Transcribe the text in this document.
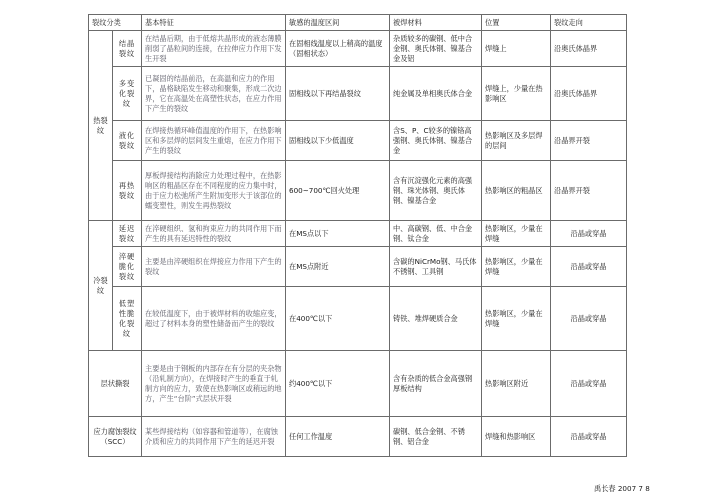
裂纹分类		基本特征	敏感的温度区间	被焊材料	位置	裂纹走向
热裂纹	结晶裂纹	在结晶后期，由于低熔共晶形成的液态薄膜削弱了晶粒间的连接，在拉伸应力作用下发生开裂	在固相线温度以上稍高的温度（固相状态）	杂质较多的碳钢、低中合金钢、奥氏体钢、镍基合金及铝	焊缝上	沿奥氏体晶界
	多变化裂纹	已凝固的结晶前沿，在高温和应力的作用下，晶格缺陷发生移动和聚集，形成二次边界，它在高温处在高塑性状态，在应力作用下产生的裂纹	固相线以下再结晶裂纹	纯金属及单相奥氏体合金	焊缝上，少量在热影响区	沿奥氏体晶界
	液化裂纹	在焊接热循环峰值温度的作用下，在热影响区和多层焊的层间发生重熔，在应力作用下产生的裂纹	固相线以下少低温度	含S、P、C较多的镍铬高强钢、奥氏体钢、镍基合金	热影响区及多层焊的层间	沿晶界开裂
	再热裂纹	厚板焊接结构消除应力处理过程中，在热影响区的粗晶区存在不同程度的应力集中时，由于应力松弛所产生附加变形大于该部位的蠕变塑性，则发生再热裂纹	600~700℃回火处理	含有沉淀强化元素的高强钢、珠光体钢、奥氏体钢、镍基合金	热影响区的粗晶区	沿晶界开裂
冷裂纹	延迟裂纹	在淬硬组织、氢和拘束应力的共同作用下而产生的具有延迟特性的裂纹	在MS点以下	中、高碳钢、低、中合金钢、钛合金	热影响区，少量在焊缝	沿晶或穿晶
	淬硬脆化裂纹	主要是由淬硬组织在焊接应力作用下产生的裂纹	在MS点附近	含碳的NiCrMo钢、马氏体不锈钢、工具钢	热影响区，少量在焊缝	沿晶或穿晶
	低塑性脆化裂纹	在较低温度下，由于被焊材料的收缩应变，超过了材料本身的塑性储备而产生的裂纹	在400℃以下	铸铁、堆焊硬质合金	热影响区，少量在焊缝	沿晶或穿晶
层状撕裂		主要是由于钢板的内部存在有分层的夹杂物（沿轧制方向），在焊接时产生的垂直于轧制方向的应力，致使在热影响区或稍远的地方，产生“台阶”式层状开裂	约400℃以下	含有杂质的低合金高强钢厚板结构	热影响区附近	沿晶或穿晶
应力腐蚀裂纹（SCC）		某些焊接结构（如容器和管道等），在腐蚀介质和应力的共同作用下产生的延迟开裂	任何工作温度	碳钢、低合金钢、不锈钢、铝合金	焊缝和热影响区	沿晶或穿晶
禹长春 2007 7 8
